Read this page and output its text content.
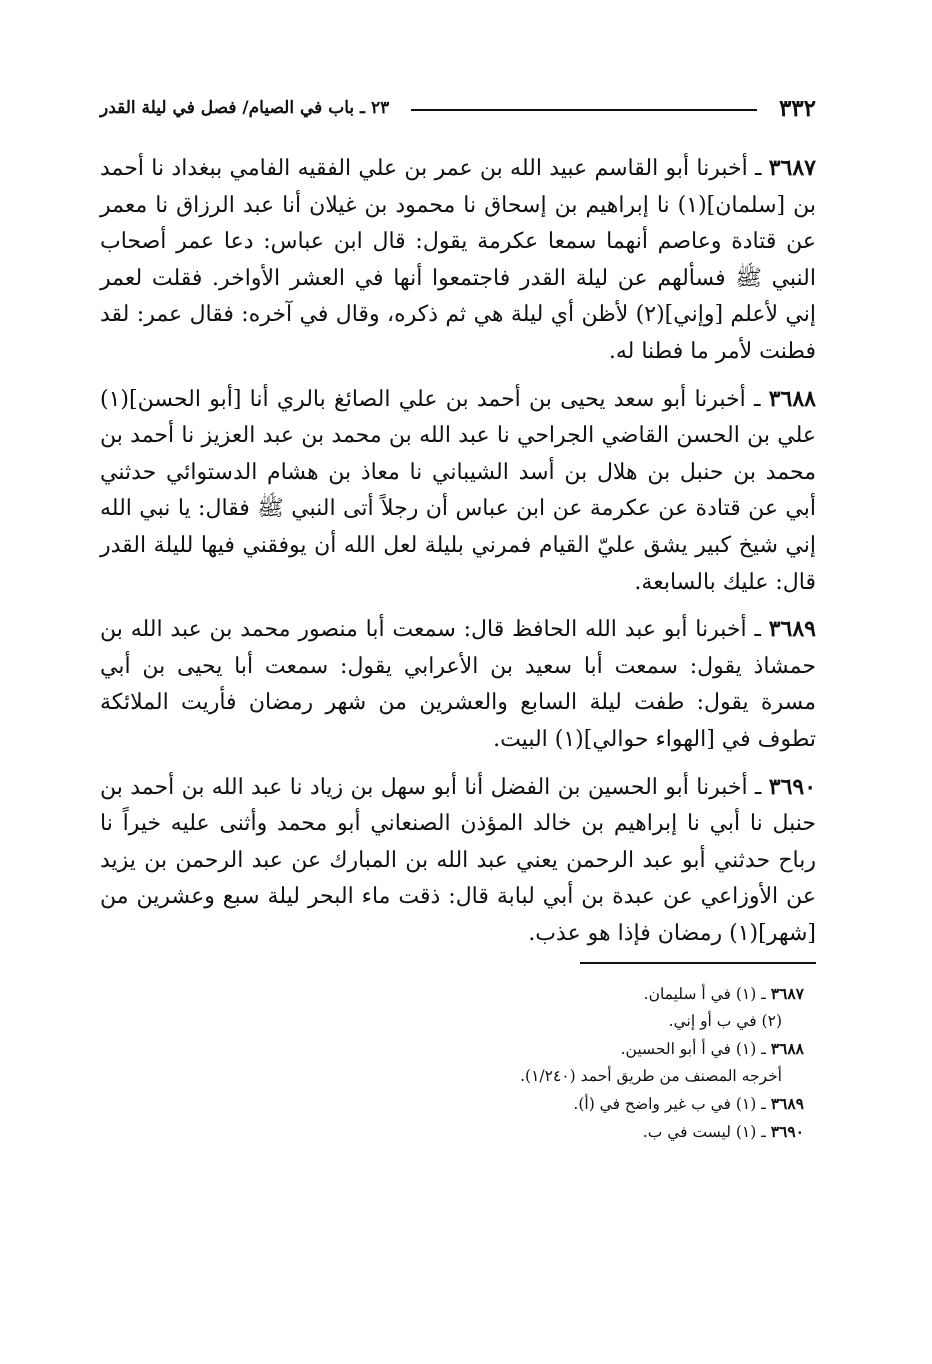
٣٣٢
٢٣ ـ باب في الصيام/ فصل في ليلة القدر

٣٦٨٧ ـ أخبرنا أبو القاسم عبيد الله بن عمر بن علي الفقيه الفامي ببغداد نا أحمد بن [سلمان](١) نا إبراهيم بن إسحاق نا محمود بن غيلان أنا عبد الرزاق نا معمر عن قتادة وعاصم أنهما سمعا عكرمة يقول: قال ابن عباس: دعا عمر أصحاب النبي ﷺ فسألهم عن ليلة القدر فاجتمعوا أنها في العشر الأواخر. فقلت لعمر إني لأعلم [وإني](٢) لأظن أي ليلة هي ثم ذكره، وقال في آخره: فقال عمر: لقد فطنت لأمر ما فطنا له.

٣٦٨٨ ـ أخبرنا أبو سعد يحيى بن أحمد بن علي الصائغ بالري أنا [أبو الحسن](١) علي بن الحسن القاضي الجراحي نا عبد الله بن محمد بن عبد العزيز نا أحمد بن محمد بن حنبل بن هلال بن أسد الشيباني نا معاذ بن هشام الدستوائي حدثني أبي عن قتادة عن عكرمة عن ابن عباس أن رجلاً أتى النبي ﷺ فقال: يا نبي الله إني شيخ كبير يشق عليّ القيام فمرني بليلة لعل الله أن يوفقني فيها لليلة القدر قال: عليك بالسابعة.

٣٦٨٩ ـ أخبرنا أبو عبد الله الحافظ قال: سمعت أبا منصور محمد بن عبد الله بن حمشاذ يقول: سمعت أبا سعيد بن الأعرابي يقول: سمعت أبا يحيى بن أبي مسرة يقول: طفت ليلة السابع والعشرين من شهر رمضان فأريت الملائكة تطوف في [الهواء حوالي](١) البيت.

٣٦٩٠ ـ أخبرنا أبو الحسين بن الفضل أنا أبو سهل بن زياد نا عبد الله بن أحمد بن حنبل نا أبي نا إبراهيم بن خالد المؤذن الصنعاني أبو محمد وأثنى عليه خيراً نا رباح حدثني أبو عبد الرحمن يعني عبد الله بن المبارك عن عبد الرحمن بن يزيد عن الأوزاعي عن عبدة بن أبي لبابة قال: ذقت ماء البحر ليلة سبع وعشرين من [شهر](١) رمضان فإذا هو عذب.

٣٦٨٧ ـ (١) في أ سليمان.
(٢) في ب أو إني.
٣٦٨٨ ـ (١) في أ أبو الحسين.
أخرجه المصنف من طريق أحمد (١/٢٤٠).
٣٦٨٩ ـ (١) في ب غير واضح في (أ).
٣٦٩٠ ـ (١) ليست في ب.
